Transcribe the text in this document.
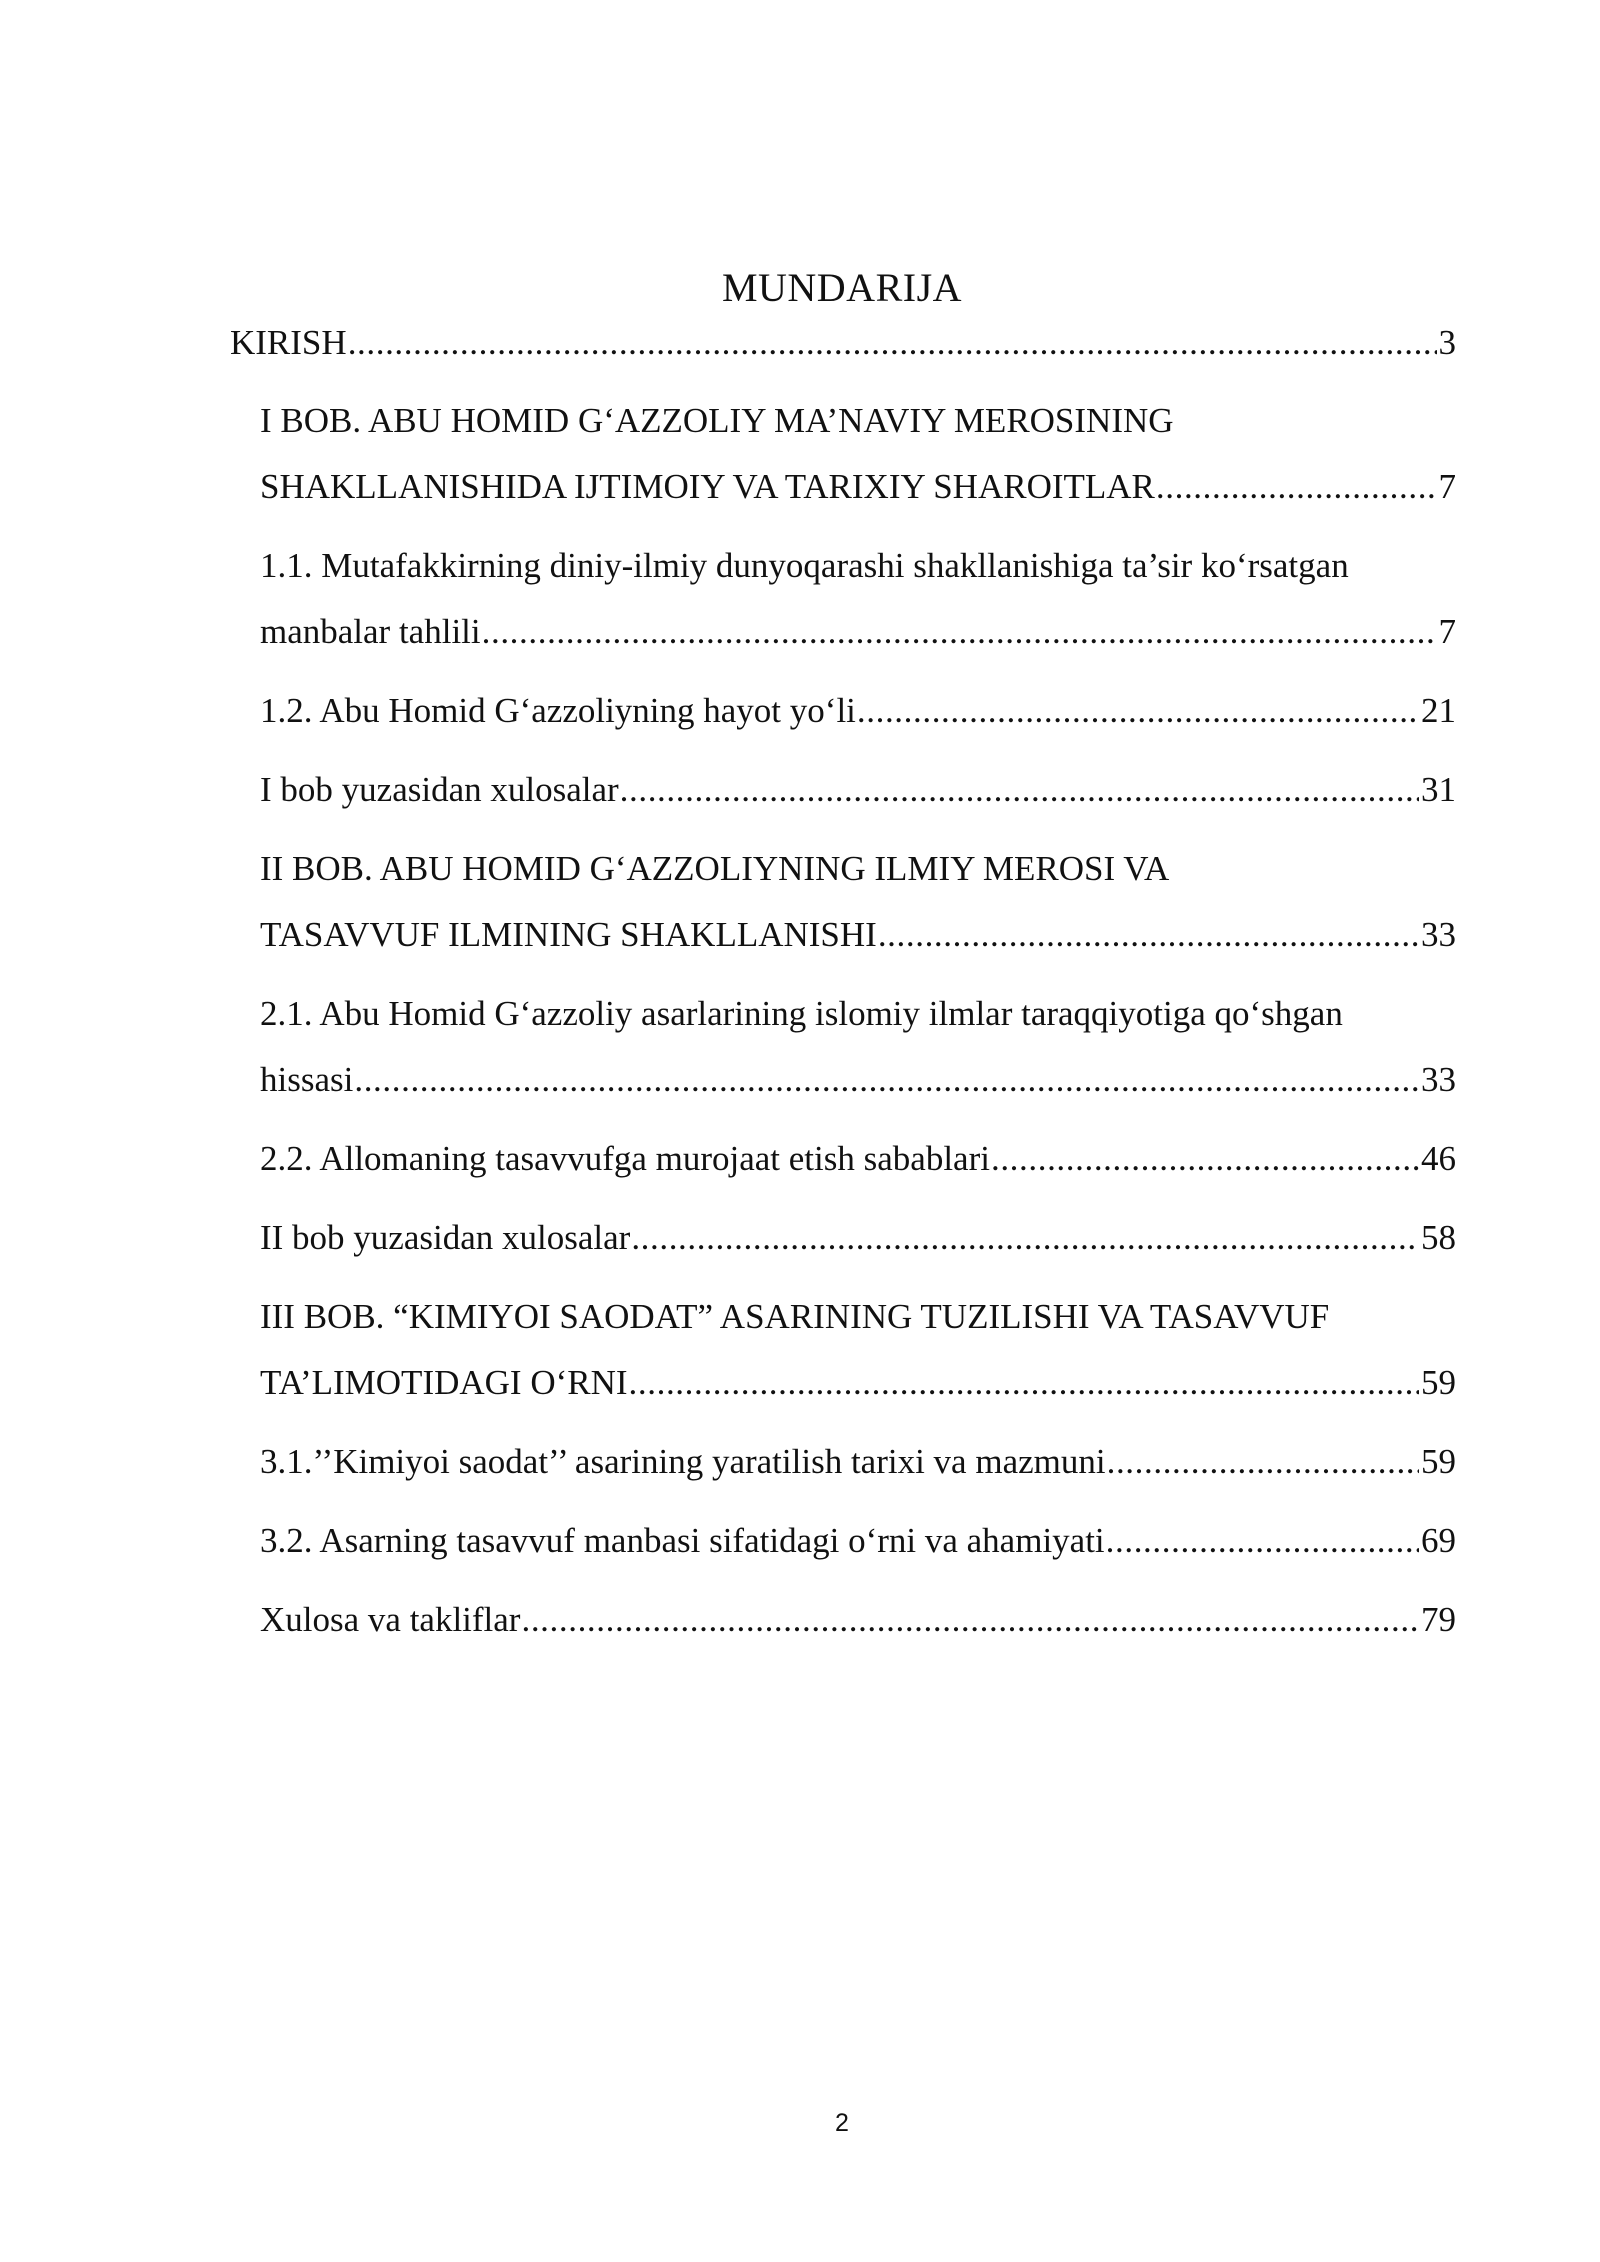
MUNDARIJA
KIRISH .....	3
I BOB. ABU HOMID G‘AZZOLIY MA’NAVIY MEROSINING
SHAKLLANISHIDA IJTIMOIY VA TARIXIY SHAROITLAR .....	7
1.1. Mutafakkirning diniy-ilmiy dunyoqarashi shakllanishiga ta’sir ko‘rsatgan
manbalar tahlili .....	7
1.2. Abu Homid G‘azzoliyning hayot yo‘li .....	21
I bob yuzasidan xulosalar .....	31
II BOB. ABU HOMID G‘AZZOLIYNING ILMIY MEROSI VA
TASAVVUF ILMINING SHAKLLANISHI .....	33
2.1. Abu Homid G‘azzoliy asarlarining islomiy ilmlar taraqqiyotiga qo‘shgan
hissasi .....	33
2.2. Allomaning tasavvufga murojaat etish sabablari .....	46
II bob yuzasidan xulosalar .....	58
III BOB. “KIMIYOI SAODAT” ASARINING TUZILISHI VA TASAVVUF
TA’LIMOTIDAGI O‘RNI .....	59
3.1.’’Kimiyoi saodat’’ asarining yaratilish tarixi va mazmuni .....	59
3.2. Asarning tasavvuf manbasi sifatidagi o‘rni va ahamiyati .....	69
Xulosa va takliflar .....	79
2
